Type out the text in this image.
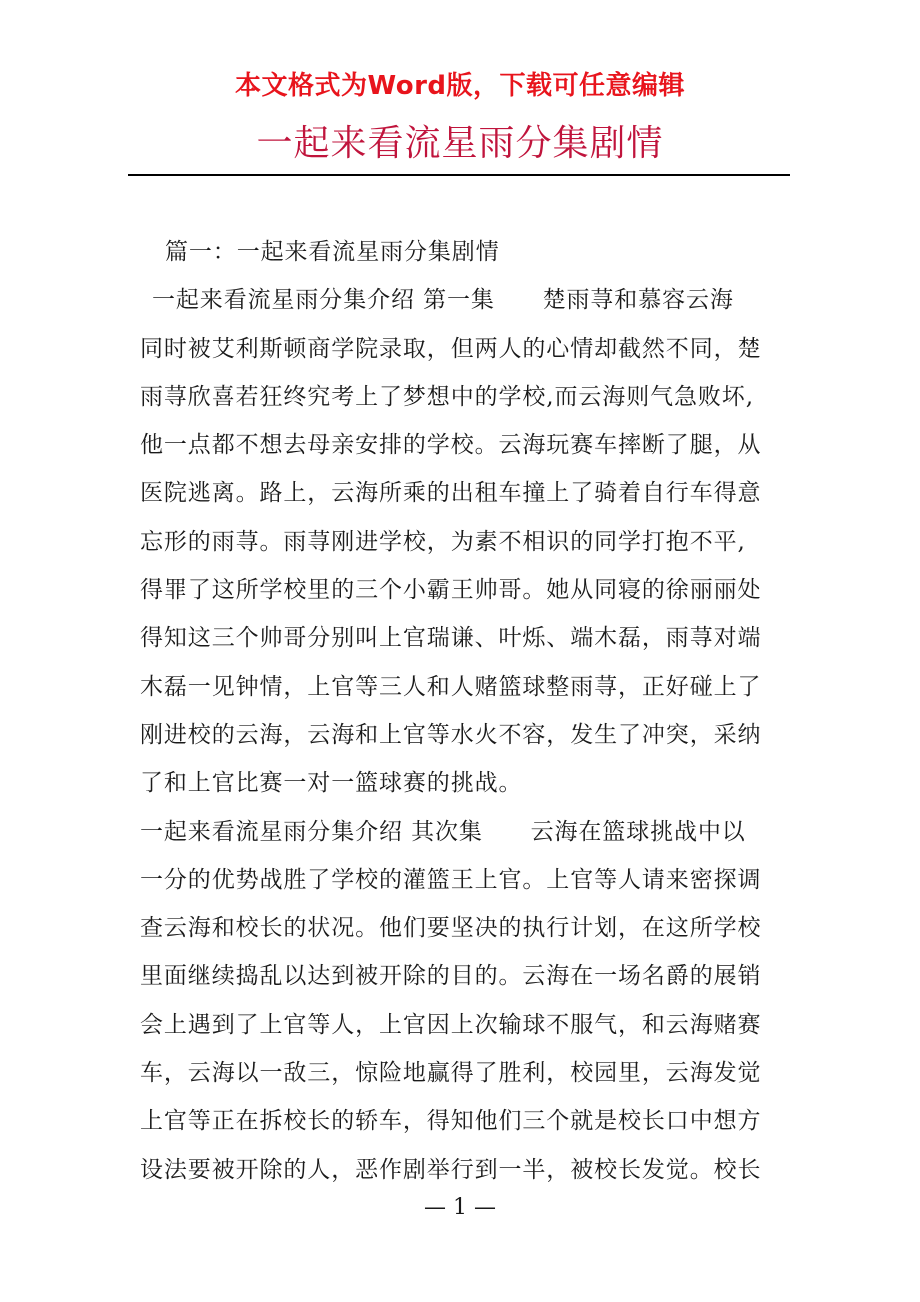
本文格式为Word版，下载可任意编辑
一起来看流星雨分集剧情
篇一：一起来看流星雨分集剧情
一起来看流星雨分集介绍 第一集　　楚雨荨和慕容云海
同时被艾利斯顿商学院录取，但两人的心情却截然不同，楚
雨荨欣喜若狂终究考上了梦想中的学校,而云海则气急败坏,
他一点都不想去母亲安排的学校。云海玩赛车摔断了腿，从
医院逃离。路上，云海所乘的出租车撞上了骑着自行车得意
忘形的雨荨。雨荨刚进学校，为素不相识的同学打抱不平,
得罪了这所学校里的三个小霸王帅哥。她从同寝的徐丽丽处
得知这三个帅哥分别叫上官瑞谦、叶烁、端木磊，雨荨对端
木磊一见钟情，上官等三人和人赌篮球整雨荨，正好碰上了
刚进校的云海，云海和上官等水火不容，发生了冲突，采纳
了和上官比赛一对一篮球赛的挑战。
一起来看流星雨分集介绍 其次集　　云海在篮球挑战中以
一分的优势战胜了学校的灌篮王上官。上官等人请来密探调
查云海和校长的状况。他们要坚决的执行计划，在这所学校
里面继续捣乱以达到被开除的目的。云海在一场名爵的展销
会上遇到了上官等人，上官因上次输球不服气，和云海赌赛
车，云海以一敌三，惊险地赢得了胜利，校园里，云海发觉
上官等正在拆校长的轿车，得知他们三个就是校长口中想方
设法要被开除的人，恶作剧举行到一半，被校长发觉。校长
— 1 —
